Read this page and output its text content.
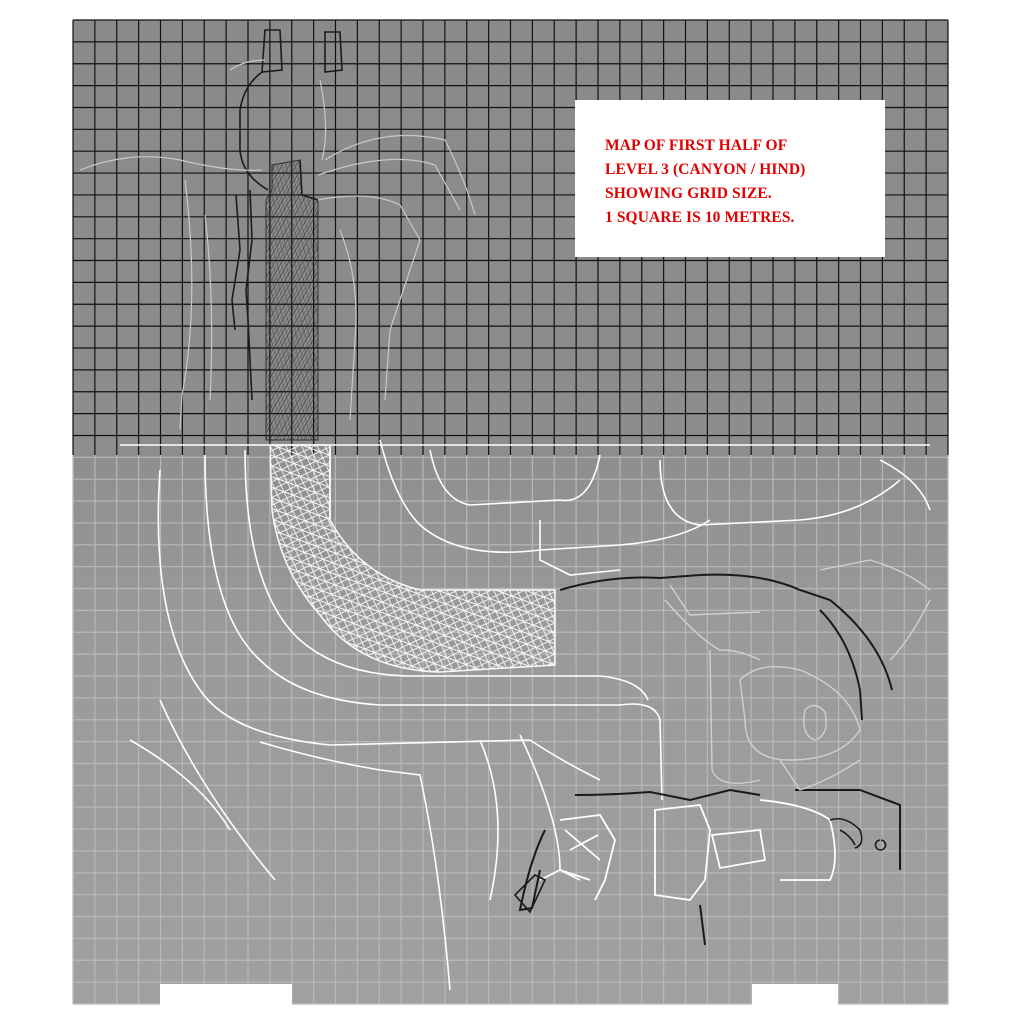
MAP OF FIRST HALF OF
LEVEL 3 (CANYON / HIND)
SHOWING GRID SIZE.
1 SQUARE IS 10 METRES.
